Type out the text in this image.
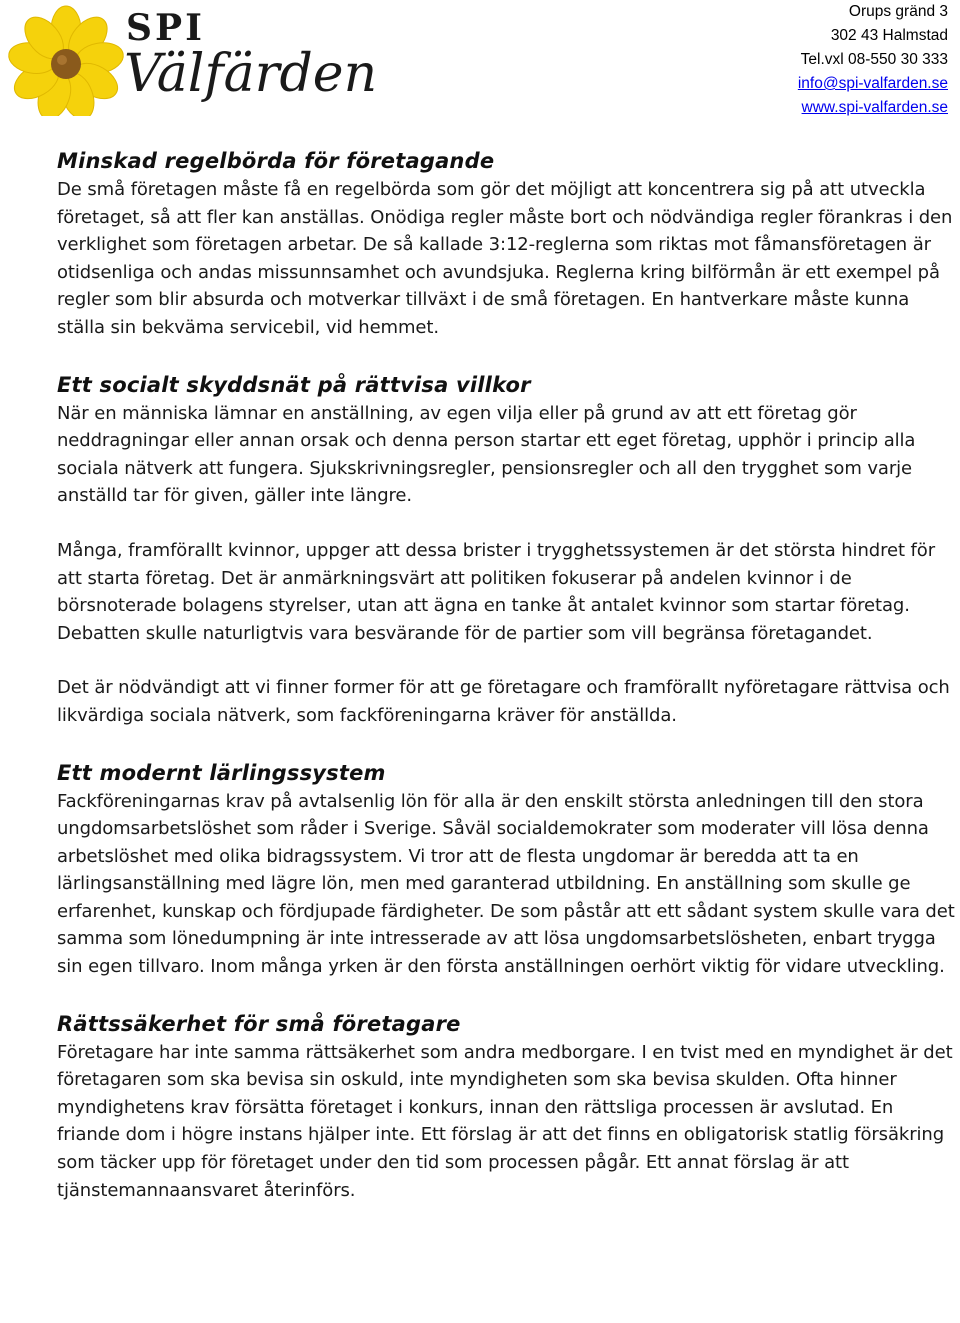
SPI
Välfärden
Orups gränd 3
302 43 Halmstad
Tel.vxl 08-550 30 333
info@spi-valfarden.se
www.spi-valfarden.se
Minskad regelbörda för företagande

De små företagen måste få en regelbörda som gör det möjligt att koncentrera sig på att utveckla företaget, så att fler kan anställas. Onödiga regler måste bort och nödvändiga regler förankras i den verklighet som företagen arbetar. De så kallade 3:12-reglerna som riktas mot fåmansföretagen är otidsenliga och andas missunnsamhet och avundsjuka. Reglerna kring bilförmån är ett exempel på regler som blir absurda och motverkar tillväxt i de små företagen. En hantverkare måste kunna ställa sin bekväma servicebil, vid hemmet.

Ett socialt skyddsnät på rättvisa villkor

När en människa lämnar en anställning, av egen vilja eller på grund av att ett företag gör neddragningar eller annan orsak och denna person startar ett eget företag, upphör i princip alla sociala nätverk att fungera. Sjukskrivningsregler, pensionsregler och all den trygghet som varje anställd tar för given, gäller inte längre.

Många, framförallt kvinnor, uppger att dessa brister i trygghetssystemen är det största hindret för att starta företag. Det är anmärkningsvärt att politiken fokuserar på andelen kvinnor i de börsnoterade bolagens styrelser, utan att ägna en tanke åt antalet kvinnor som startar företag. Debatten skulle naturligtvis vara besvärande för de partier som vill begränsa företagandet.

Det är nödvändigt att vi finner former för att ge företagare och framförallt nyföretagare rättvisa och likvärdiga sociala nätverk, som fackföreningarna kräver för anställda.

Ett modernt lärlingssystem

Fackföreningarnas krav på avtalsenlig lön för alla är den enskilt största anledningen till den stora ungdomsarbetslöshet som råder i Sverige. Såväl socialdemokrater som moderater vill lösa denna arbetslöshet med olika bidragssystem. Vi tror att de flesta ungdomar är beredda att ta en lärlingsanställning med lägre lön, men med garanterad utbildning. En anställning som skulle ge erfarenhet, kunskap och fördjupade färdigheter. De som påstår att ett sådant system skulle vara det samma som lönedumpning är inte intresserade av att lösa ungdomsarbetslösheten, enbart trygga sin egen tillvaro. Inom många yrken är den första anställningen oerhört viktig för vidare utveckling.

Rättssäkerhet för små företagare

Företagare har inte samma rättsäkerhet som andra medborgare. I en tvist med en myndighet är det företagaren som ska bevisa sin oskuld, inte myndigheten som ska bevisa skulden. Ofta hinner myndighetens krav försätta företaget i konkurs, innan den rättsliga processen är avslutad. En friande dom i högre instans hjälper inte. Ett förslag är att det finns en obligatorisk statlig försäkring som täcker upp för företaget under den tid som processen pågår. Ett annat förslag är att tjänstemannaansvaret återinförs.
